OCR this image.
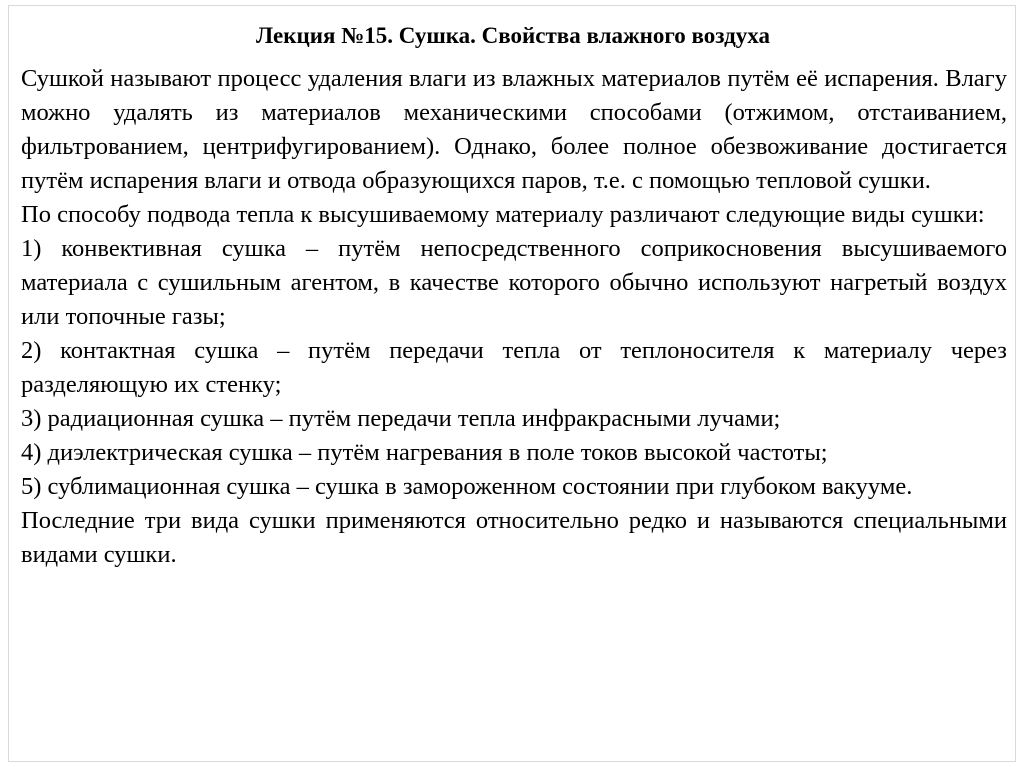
Лекция №15. Сушка. Свойства влажного воздуха

Сушкой называют процесс удаления влаги из влажных материалов путём её испарения. Влагу можно удалять из материалов механическими способами (отжимом, отстаиванием, фильтрованием, центрифугированием). Однако, более полное обезвоживание достигается путём испарения влаги и отвода образующихся паров, т.е. с помощью тепловой сушки.

По способу подвода тепла к высушиваемому материалу различают следующие виды сушки:

1) конвективная сушка – путём непосредственного соприкосновения высушиваемого материала с сушильным агентом, в качестве которого обычно используют нагретый воздух или топочные газы;

2) контактная сушка – путём передачи тепла от теплоносителя к материалу через разделяющую их стенку;

3) радиационная сушка – путём передачи тепла инфракрасными лучами;

4) диэлектрическая сушка – путём нагревания в поле токов высокой частоты;

5) сублимационная сушка – сушка в замороженном состоянии при глубоком вакууме.

Последние три вида сушки применяются относительно редко и называются специальными видами сушки.
